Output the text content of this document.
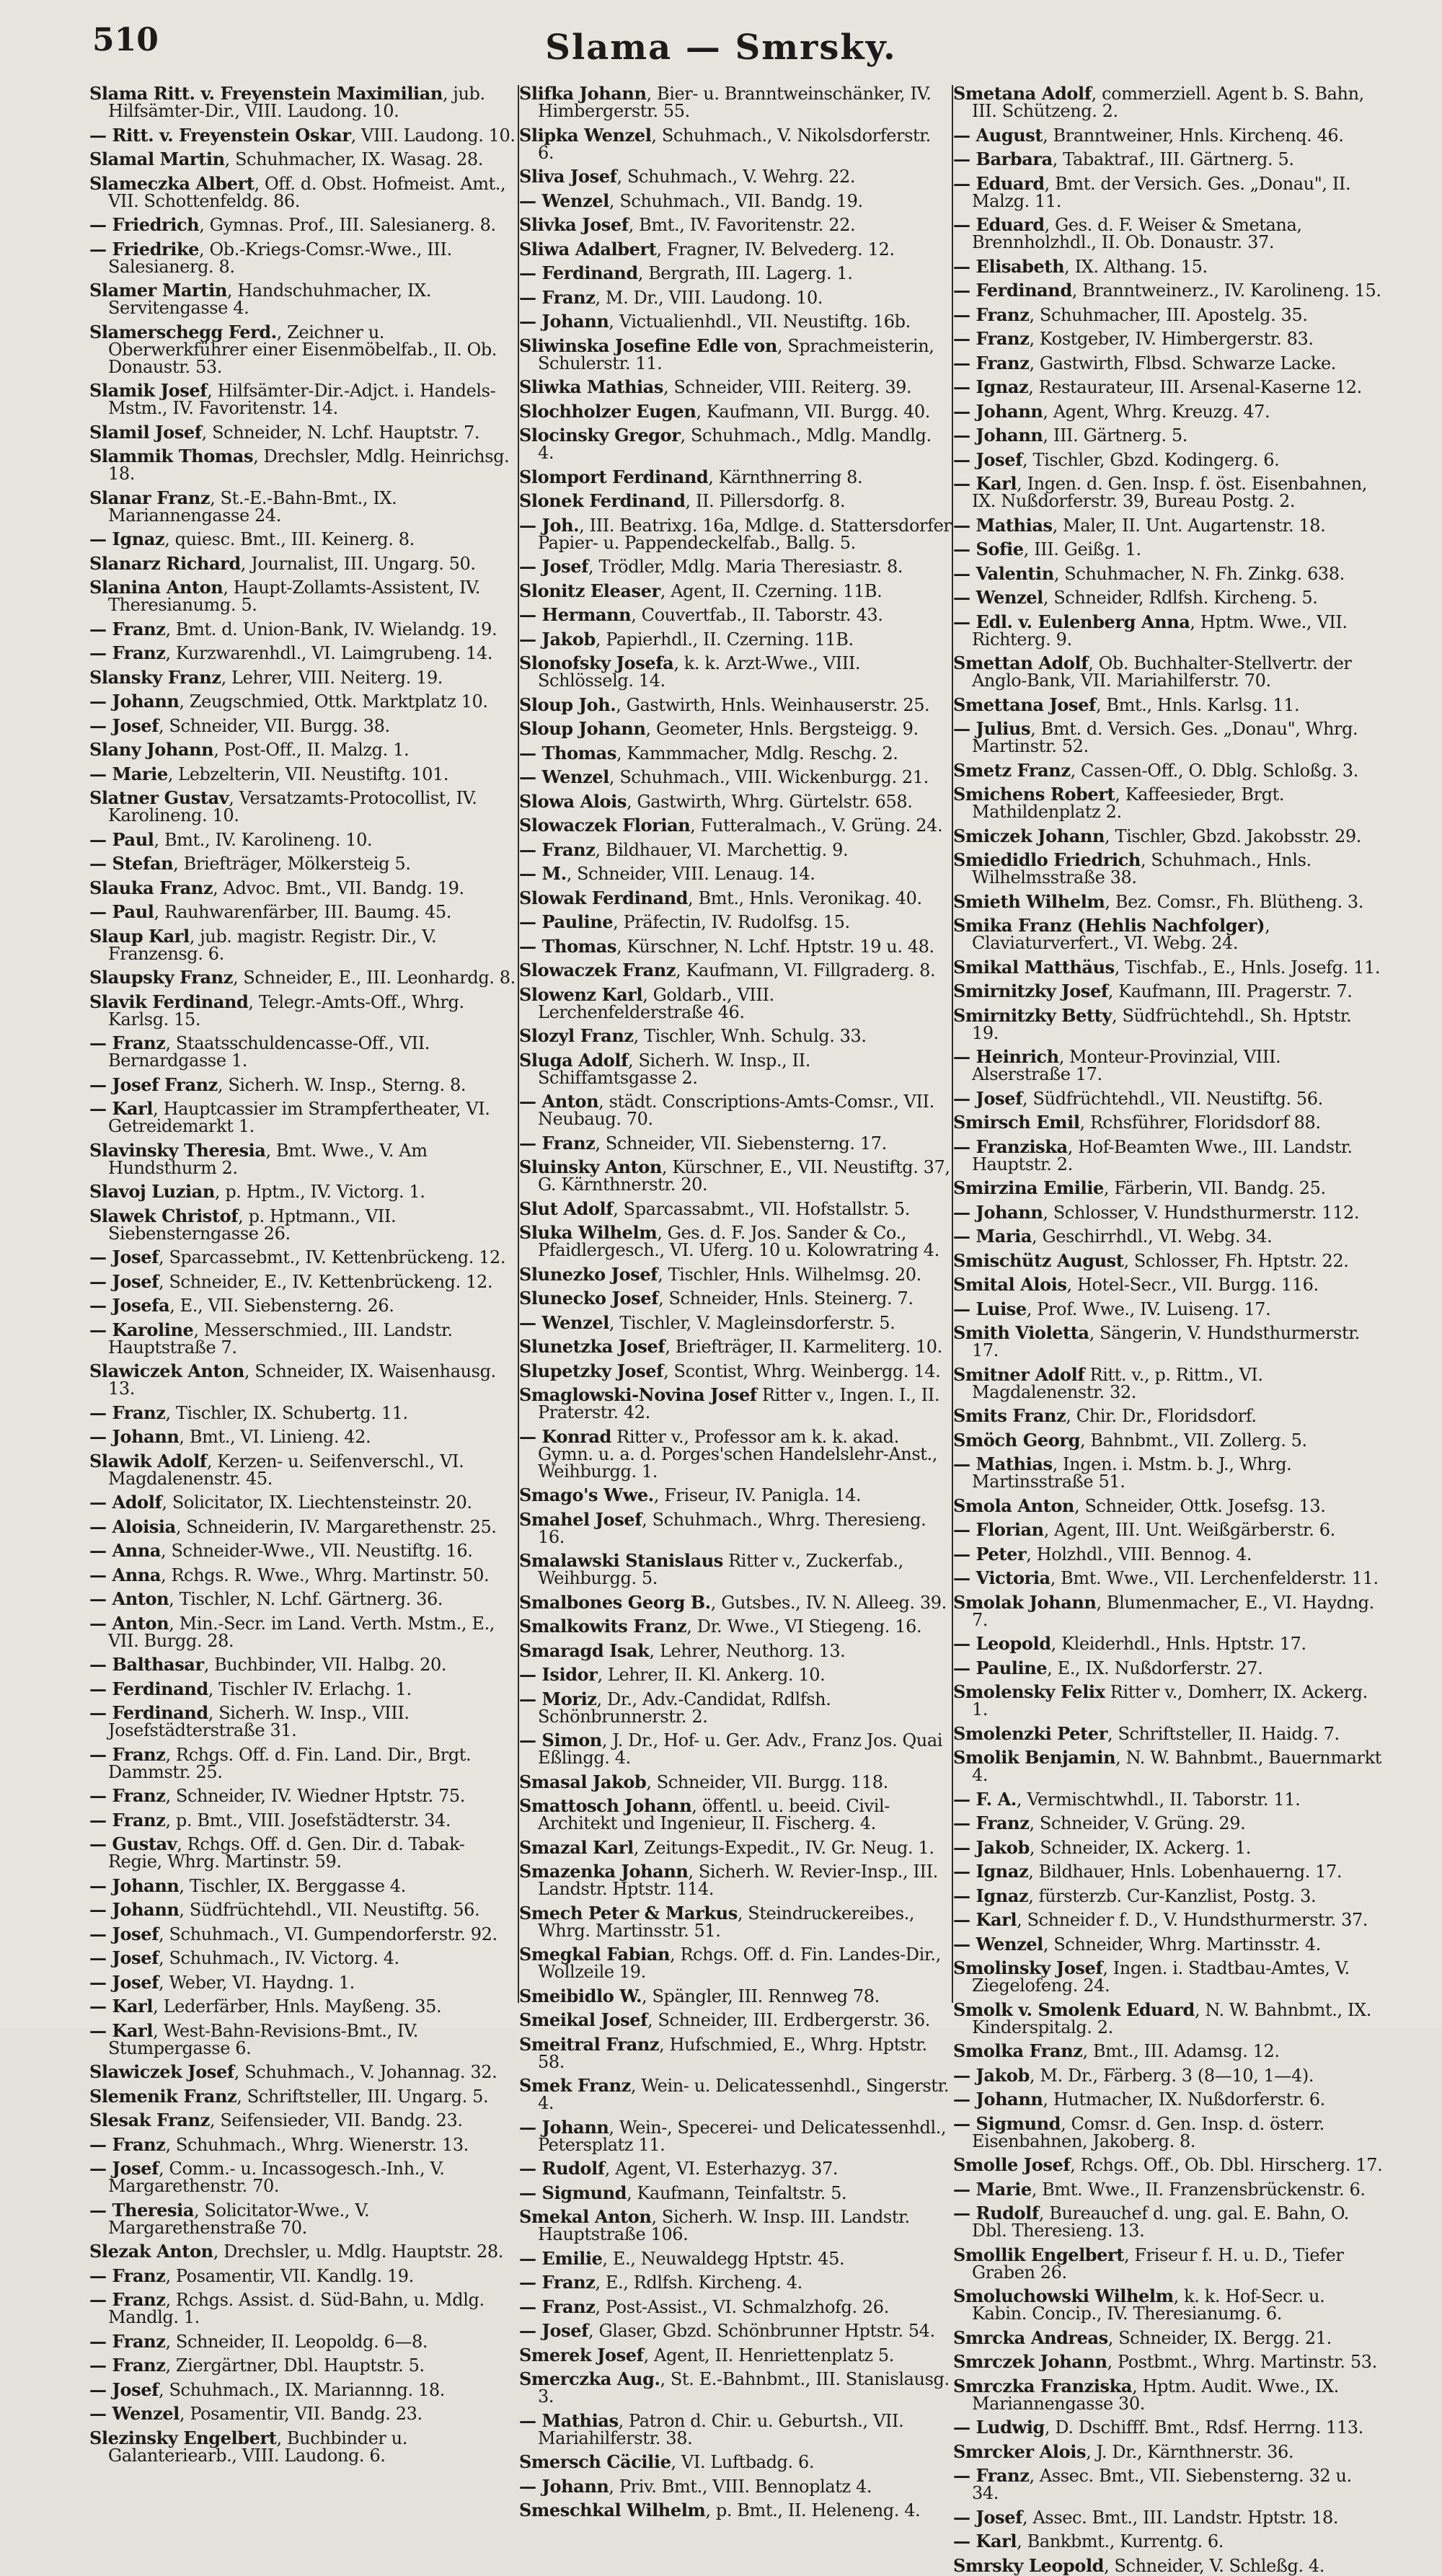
510	Slama — Smrsky.
Slama Ritt. v. Freyenstein Maximilian, jub. Hilfsämter-Dir., VIII. Laudong. 10.
— Ritt. v. Freyenstein Oskar, VIII. Laudong. 10.
Slamal Martin, Schuhmacher, IX. Wasag. 28.
Slameczka Albert, Off. d. Obst. Hofmeist. Amt., VII. Schottenfeldg. 86.
— Friedrich, Gymnas. Prof., III. Salesianerg. 8.
— Friedrike, Ob.-Kriegs-Comsr.-Wwe., III. Salesianerg. 8.
Slamer Martin, Handschuhmacher, IX. Servitengasse 4.
Slamerschegg Ferd., Zeichner u. Oberwerkführer einer Eisenmöbelfab., II. Ob. Donaustr. 53.
Slamik Josef, Hilfsämter-Dir.-Adjct. i. Handels-Mstm., IV. Favoritenstr. 14.
Slamil Josef, Schneider, N. Lchf. Hauptstr. 7.
Slammik Thomas, Drechsler, Mdlg. Heinrichsg. 18.
Slanar Franz, St.-E.-Bahn-Bmt., IX. Mariannengasse 24.
— Ignaz, quiesc. Bmt., III. Keinerg. 8.
Slanarz Richard, Journalist, III. Ungarg. 50.
Slanina Anton, Haupt-Zollamts-Assistent, IV. Theresianumg. 5.
— Franz, Bmt. d. Union-Bank, IV. Wielandg. 19.
— Franz, Kurzwarenhdl., VI. Laimgrubeng. 14.
Slansky Franz, Lehrer, VIII. Neiterg. 19.
— Johann, Zeugschmied, Ottk. Marktplatz 10.
— Josef, Schneider, VII. Burgg. 38.
Slany Johann, Post-Off., II. Malzg. 1.
— Marie, Lebzelterin, VII. Neustiftg. 101.
Slatner Gustav, Versatzamts-Protocollist, IV. Karolineng. 10.
— Paul, Bmt., IV. Karolineng. 10.
— Stefan, Briefträger, Mölkersteig 5.
Slauka Franz, Advoc. Bmt., VII. Bandg. 19.
— Paul, Rauhwarenfärber, III. Baumg. 45.
Slaup Karl, jub. magistr. Registr. Dir., V. Franzensg. 6.
Slaupsky Franz, Schneider, E., III. Leonhardg. 8.
Slavik Ferdinand, Telegr.-Amts-Off., Whrg. Karlsg. 15.
— Franz, Staatsschuldencasse-Off., VII. Bernardgasse 1.
— Josef Franz, Sicherh. W. Insp., Sterng. 8.
— Karl, Hauptcassier im Strampfertheater, VI. Getreidemarkt 1.
Slavinsky Theresia, Bmt. Wwe., V. Am Hundsthurm 2.
Slavoj Luzian, p. Hptm., IV. Victorg. 1.
Slawek Christof, p. Hptmann., VII. Siebensterngasse 26.
— Josef, Sparcassebmt., IV. Kettenbrückeng. 12.
— Josef, Schneider, E., IV. Kettenbrückeng. 12.
— Josefa, E., VII. Siebensterng. 26.
— Karoline, Messerschmied., III. Landstr. Hauptstraße 7.
Slawiczek Anton, Schneider, IX. Waisenhausg. 13.
— Franz, Tischler, IX. Schubertg. 11.
— Johann, Bmt., VI. Linieng. 42.
Slawik Adolf, Kerzen- u. Seifenverschl., VI. Magdalenenstr. 45.
— Adolf, Solicitator, IX. Liechtensteinstr. 20.
— Aloisia, Schneiderin, IV. Margarethenstr. 25.
— Anna, Schneider-Wwe., VII. Neustiftg. 16.
— Anna, Rchgs. R. Wwe., Whrg. Martinstr. 50.
— Anton, Tischler, N. Lchf. Gärtnerg. 36.
— Anton, Min.-Secr. im Land. Verth. Mstm., E., VII. Burgg. 28.
— Balthasar, Buchbinder, VII. Halbg. 20.
— Ferdinand, Tischler IV. Erlachg. 1.
— Ferdinand, Sicherh. W. Insp., VIII. Josefstädterstraße 31.
— Franz, Rchgs. Off. d. Fin. Land. Dir., Brgt. Dammstr. 25.
— Franz, Schneider, IV. Wiedner Hptstr. 75.
— Franz, p. Bmt., VIII. Josefstädterstr. 34.
— Gustav, Rchgs. Off. d. Gen. Dir. d. Tabak-Regie, Whrg. Martinstr. 59.
— Johann, Tischler, IX. Berggasse 4.
— Johann, Südfrüchtehdl., VII. Neustiftg. 56.
— Josef, Schuhmach., VI. Gumpendorferstr. 92.
— Josef, Schuhmach., IV. Victorg. 4.
— Josef, Weber, VI. Haydng. 1.
— Karl, Lederfärber, Hnls. Mayßeng. 35.
— Karl, West-Bahn-Revisions-Bmt., IV. Stumpergasse 6.
Slawiczek Josef, Schuhmach., V. Johannag. 32.
Slemenik Franz, Schriftsteller, III. Ungarg. 5.
Slesak Franz, Seifensieder, VII. Bandg. 23.
— Franz, Schuhmach., Whrg. Wienerstr. 13.
— Josef, Comm.- u. Incassogesch.-Inh., V. Margarethenstr. 70.
— Theresia, Solicitator-Wwe., V. Margarethenstraße 70.
Slezak Anton, Drechsler, u. Mdlg. Hauptstr. 28.
— Franz, Posamentir, VII. Kandlg. 19.
— Franz, Rchgs. Assist. d. Süd-Bahn, u. Mdlg. Mandlg. 1.
— Franz, Schneider, II. Leopoldg. 6—8.
— Franz, Ziergärtner, Dbl. Hauptstr. 5.
— Josef, Schuhmach., IX. Mariannng. 18.
— Wenzel, Posamentir, VII. Bandg. 23.
Slezinsky Engelbert, Buchbinder u. Galanteriearb., VIII. Laudong. 6.
Slifka Johann, Bier- u. Branntweinschänker, IV. Himbergerstr. 55.
Slipka Wenzel, Schuhmach., V. Nikolsdorferstr. 6.
Sliva Josef, Schuhmach., V. Wehrg. 22.
— Wenzel, Schuhmach., VII. Bandg. 19.
Slivka Josef, Bmt., IV. Favoritenstr. 22.
Sliwa Adalbert, Fragner, IV. Belvederg. 12.
— Ferdinand, Bergrath, III. Lagerg. 1.
— Franz, M. Dr., VIII. Laudong. 10.
— Johann, Victualienhdl., VII. Neustiftg. 16b.
Sliwinska Josefine Edle von, Sprachmeisterin, Schulerstr. 11.
Sliwka Mathias, Schneider, VIII. Reiterg. 39.
Slochholzer Eugen, Kaufmann, VII. Burgg. 40.
Slocinsky Gregor, Schuhmach., Mdlg. Mandlg. 4.
Slomport Ferdinand, Kärnthnerring 8.
Slonek Ferdinand, II. Pillersdorfg. 8.
— Joh., III. Beatrixg. 16a, Mdlge. d. Stattersdorfer Papier- u. Pappendeckelfab., Ballg. 5.
— Josef, Trödler, Mdlg. Maria Theresiastr. 8.
Slonitz Eleaser, Agent, II. Czerning. 11B.
— Hermann, Couvertfab., II. Taborstr. 43.
— Jakob, Papierhdl., II. Czerning. 11B.
Slonofsky Josefa, k. k. Arzt-Wwe., VIII. Schlösselg. 14.
Sloup Joh., Gastwirth, Hnls. Weinhauserstr. 25.
Sloup Johann, Geometer, Hnls. Bergsteigg. 9.
— Thomas, Kammmacher, Mdlg. Reschg. 2.
— Wenzel, Schuhmach., VIII. Wickenburgg. 21.
Slowa Alois, Gastwirth, Whrg. Gürtelstr. 658.
Slowaczek Florian, Futteralmach., V. Grüng. 24.
— Franz, Bildhauer, VI. Marchettig. 9.
— M., Schneider, VIII. Lenaug. 14.
Slowak Ferdinand, Bmt., Hnls. Veronikag. 40.
— Pauline, Präfectin, IV. Rudolfsg. 15.
— Thomas, Kürschner, N. Lchf. Hptstr. 19 u. 48.
Slowaczek Franz, Kaufmann, VI. Fillgraderg. 8.
Slowenz Karl, Goldarb., VIII. Lerchenfelderstraße 46.
Slozyl Franz, Tischler, Wnh. Schulg. 33.
Sluga Adolf, Sicherh. W. Insp., II. Schiffamtsgasse 2.
— Anton, städt. Conscriptions-Amts-Comsr., VII. Neubaug. 70.
— Franz, Schneider, VII. Siebensterng. 17.
Sluinsky Anton, Kürschner, E., VII. Neustiftg. 37, G. Kärnthnerstr. 20.
Slut Adolf, Sparcassabmt., VII. Hofstallstr. 5.
Sluka Wilhelm, Ges. d. F. Jos. Sander & Co., Pfaidlergesch., VI. Uferg. 10 u. Kolowratring 4.
Slunezko Josef, Tischler, Hnls. Wilhelmsg. 20.
Slunecko Josef, Schneider, Hnls. Steinerg. 7.
— Wenzel, Tischler, V. Magleinsdorferstr. 5.
Slunetzka Josef, Briefträger, II. Karmeliterg. 10.
Slupetzky Josef, Scontist, Whrg. Weinbergg. 14.
Smaglowski-Novina Josef Ritter v., Ingen. I., II. Praterstr. 42.
— Konrad Ritter v., Professor am k. k. akad. Gymn. u. a. d. Porges'schen Handelslehr-Anst., Weihburgg. 1.
Smago's Wwe., Friseur, IV. Panigla. 14.
Smahel Josef, Schuhmach., Whrg. Theresieng. 16.
Smalawski Stanislaus Ritter v., Zuckerfab., Weihburgg. 5.
Smalbones Georg B., Gutsbes., IV. N. Alleeg. 39.
Smalkowits Franz, Dr. Wwe., VI Stiegeng. 16.
Smaragd Isak, Lehrer, Neuthorg. 13.
— Isidor, Lehrer, II. Kl. Ankerg. 10.
— Moriz, Dr., Adv.-Candidat, Rdlfsh. Schönbrunnerstr. 2.
— Simon, J. Dr., Hof- u. Ger. Adv., Franz Jos. Quai Eßlingg. 4.
Smasal Jakob, Schneider, VII. Burgg. 118.
Smattosch Johann, öffentl. u. beeid. Civil-Architekt und Ingenieur, II. Fischerg. 4.
Smazal Karl, Zeitungs-Expedit., IV. Gr. Neug. 1.
Smazenka Johann, Sicherh. W. Revier-Insp., III. Landstr. Hptstr. 114.
Smech Peter & Markus, Steindruckereibes., Whrg. Martinsstr. 51.
Smegkal Fabian, Rchgs. Off. d. Fin. Landes-Dir., Wollzeile 19.
Smeibidlo W., Spängler, III. Rennweg 78.
Smeikal Josef, Schneider, III. Erdbergerstr. 36.
Smeitral Franz, Hufschmied, E., Whrg. Hptstr. 58.
Smek Franz, Wein- u. Delicatessenhdl., Singerstr. 4.
— Johann, Wein-, Specerei- und Delicatessenhdl., Petersplatz 11.
— Rudolf, Agent, VI. Esterhazyg. 37.
— Sigmund, Kaufmann, Teinfaltstr. 5.
Smekal Anton, Sicherh. W. Insp. III. Landstr. Hauptstraße 106.
— Emilie, E., Neuwaldegg Hptstr. 45.
— Franz, E., Rdlfsh. Kircheng. 4.
— Franz, Post-Assist., VI. Schmalzhofg. 26.
— Josef, Glaser, Gbzd. Schönbrunner Hptstr. 54.
Smerek Josef, Agent, II. Henriettenplatz 5.
Smerczka Aug., St. E.-Bahnbmt., III. Stanislausg. 3.
— Mathias, Patron d. Chir. u. Geburtsh., VII. Mariahilferstr. 38.
Smersch Cäcilie, VI. Luftbadg. 6.
— Johann, Priv. Bmt., VIII. Bennoplatz 4.
Smeschkal Wilhelm, p. Bmt., II. Heleneng. 4.
Smetana Adolf, commerziell. Agent b. S. Bahn, III. Schützeng. 2.
— August, Branntweiner, Hnls. Kirchenq. 46.
— Barbara, Tabaktraf., III. Gärtnerg. 5.
— Eduard, Bmt. der Versich. Ges. „Donau", II. Malzg. 11.
— Eduard, Ges. d. F. Weiser & Smetana, Brennholzhdl., II. Ob. Donaustr. 37.
— Elisabeth, IX. Althang. 15.
— Ferdinand, Branntweinerz., IV. Karolineng. 15.
— Franz, Schuhmacher, III. Apostelg. 35.
— Franz, Kostgeber, IV. Himbergerstr. 83.
— Franz, Gastwirth, Flbsd. Schwarze Lacke.
— Ignaz, Restaurateur, III. Arsenal-Kaserne 12.
— Johann, Agent, Whrg. Kreuzg. 47.
— Johann, III. Gärtnerg. 5.
— Josef, Tischler, Gbzd. Kodingerg. 6.
— Karl, Ingen. d. Gen. Insp. f. öst. Eisenbahnen, IX. Nußdorferstr. 39, Bureau Postg. 2.
— Mathias, Maler, II. Unt. Augartenstr. 18.
— Sofie, III. Geißg. 1.
— Valentin, Schuhmacher, N. Fh. Zinkg. 638.
— Wenzel, Schneider, Rdlfsh. Kircheng. 5.
— Edl. v. Eulenberg Anna, Hptm. Wwe., VII. Richterg. 9.
Smettan Adolf, Ob. Buchhalter-Stellvertr. der Anglo-Bank, VII. Mariahilferstr. 70.
Smettana Josef, Bmt., Hnls. Karlsg. 11.
— Julius, Bmt. d. Versich. Ges. „Donau", Whrg. Martinstr. 52.
Smetz Franz, Cassen-Off., O. Dblg. Schloßg. 3.
Smichens Robert, Kaffeesieder, Brgt. Mathildenplatz 2.
Smiczek Johann, Tischler, Gbzd. Jakobsstr. 29.
Smiedidlo Friedrich, Schuhmach., Hnls. Wilhelmsstraße 38.
Smieth Wilhelm, Bez. Comsr., Fh. Blütheng. 3.
Smika Franz (Hehlis Nachfolger), Claviaturverfert., VI. Webg. 24.
Smikal Matthäus, Tischfab., E., Hnls. Josefg. 11.
Smirnitzky Josef, Kaufmann, III. Pragerstr. 7.
Smirnitzky Betty, Südfrüchtehdl., Sh. Hptstr. 19.
— Heinrich, Monteur-Provinzial, VIII. Alserstraße 17.
— Josef, Südfrüchtehdl., VII. Neustiftg. 56.
Smirsch Emil, Rchsführer, Floridsdorf 88.
— Franziska, Hof-Beamten Wwe., III. Landstr. Hauptstr. 2.
Smirzina Emilie, Färberin, VII. Bandg. 25.
— Johann, Schlosser, V. Hundsthurmerstr. 112.
— Maria, Geschirrhdl., VI. Webg. 34.
Smischütz August, Schlosser, Fh. Hptstr. 22.
Smital Alois, Hotel-Secr., VII. Burgg. 116.
— Luise, Prof. Wwe., IV. Luiseng. 17.
Smith Violetta, Sängerin, V. Hundsthurmerstr. 17.
Smitner Adolf Ritt. v., p. Rittm., VI. Magdalenenstr. 32.
Smits Franz, Chir. Dr., Floridsdorf.
Smöch Georg, Bahnbmt., VII. Zollerg. 5.
— Mathias, Ingen. i. Mstm. b. J., Whrg. Martinsstraße 51.
Smola Anton, Schneider, Ottk. Josefsg. 13.
— Florian, Agent, III. Unt. Weißgärberstr. 6.
— Peter, Holzhdl., VIII. Bennog. 4.
— Victoria, Bmt. Wwe., VII. Lerchenfelderstr. 11.
Smolak Johann, Blumenmacher, E., VI. Haydng. 7.
— Leopold, Kleiderhdl., Hnls. Hptstr. 17.
— Pauline, E., IX. Nußdorferstr. 27.
Smolensky Felix Ritter v., Domherr, IX. Ackerg. 1.
Smolenzki Peter, Schriftsteller, II. Haidg. 7.
Smolik Benjamin, N. W. Bahnbmt., Bauernmarkt 4.
— F. A., Vermischtwhdl., II. Taborstr. 11.
— Franz, Schneider, V. Grüng. 29.
— Jakob, Schneider, IX. Ackerg. 1.
— Ignaz, Bildhauer, Hnls. Lobenhauerng. 17.
— Ignaz, fürsterzb. Cur-Kanzlist, Postg. 3.
— Karl, Schneider f. D., V. Hundsthurmerstr. 37.
— Wenzel, Schneider, Whrg. Martinsstr. 4.
Smolinsky Josef, Ingen. i. Stadtbau-Amtes, V. Ziegelofeng. 24.
Smolk v. Smolenk Eduard, N. W. Bahnbmt., IX. Kinderspitalg. 2.
Smolka Franz, Bmt., III. Adamsg. 12.
— Jakob, M. Dr., Färberg. 3 (8—10, 1—4).
— Johann, Hutmacher, IX. Nußdorferstr. 6.
— Sigmund, Comsr. d. Gen. Insp. d. österr. Eisenbahnen, Jakoberg. 8.
Smolle Josef, Rchgs. Off., Ob. Dbl. Hirscherg. 17.
— Marie, Bmt. Wwe., II. Franzensbrückenstr. 6.
— Rudolf, Bureauchef d. ung. gal. E. Bahn, O. Dbl. Theresieng. 13.
Smollik Engelbert, Friseur f. H. u. D., Tiefer Graben 26.
Smoluchowski Wilhelm, k. k. Hof-Secr. u. Kabin. Concip., IV. Theresianumg. 6.
Smrcka Andreas, Schneider, IX. Bergg. 21.
Smrczek Johann, Postbmt., Whrg. Martinstr. 53.
Smrczka Franziska, Hptm. Audit. Wwe., IX. Mariannengasse 30.
— Ludwig, D. Dschifff. Bmt., Rdsf. Herrng. 113.
Smrcker Alois, J. Dr., Kärnthnerstr. 36.
— Franz, Assec. Bmt., VII. Siebensterng. 32 u. 34.
— Josef, Assec. Bmt., III. Landstr. Hptstr. 18.
— Karl, Bankbmt., Kurrentg. 6.
Smrsky Leopold, Schneider, V. Schleßg. 4.
